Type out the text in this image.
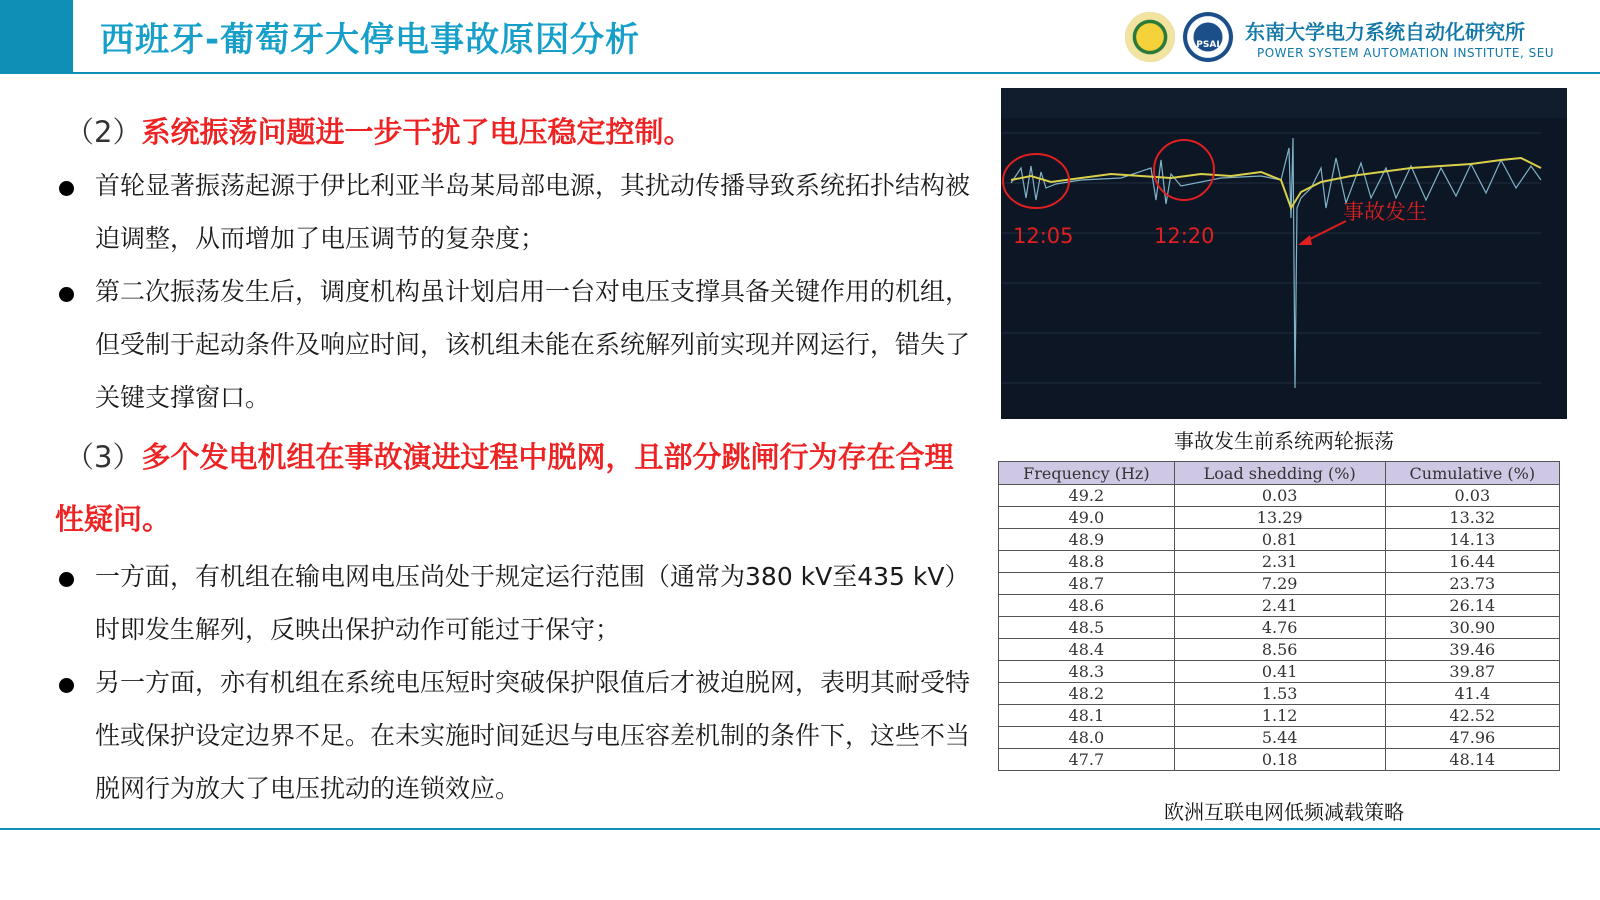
西班牙-葡萄牙大停电事故原因分析	PSAI
东南大学电力系统自动化研究所
POWER SYSTEM AUTOMATION INSTITUTE, SEU
（2）系统振荡问题进一步干扰了电压稳定控制。
首轮显著振荡起源于伊比利亚半岛某局部电源，其扰动传播导致系统拓扑结构被迫调整，从而增加了电压调节的复杂度；
第二次振荡发生后，调度机构虽计划启用一台对电压支撑具备关键作用的机组，但受制于起动条件及响应时间，该机组未能在系统解列前实现并网运行，错失了关键支撑窗口。
（3）多个发电机组在事故演进过程中脱网，且部分跳闸行为存在合理性疑问。
一方面，有机组在输电网电压尚处于规定运行范围（通常为380 kV至435 kV）时即发生解列，反映出保护动作可能过于保守；
另一方面，亦有机组在系统电压短时突破保护限值后才被迫脱网，表明其耐受特性或保护设定边界不足。在未实施时间延迟与电压容差机制的条件下，这些不当脱网行为放大了电压扰动的连锁效应。
12:05	12:20
事故发生
事故发生前系统两轮振荡
Frequency (Hz)	Load shedding (%)	Cumulative (%)
49.2	0.03	0.03
49.0	13.29	13.32
48.9	0.81	14.13
48.8	2.31	16.44
48.7	7.29	23.73
48.6	2.41	26.14
48.5	4.76	30.90
48.4	8.56	39.46
48.3	0.41	39.87
48.2	1.53	41.4
48.1	1.12	42.52
48.0	5.44	47.96
47.7	0.18	48.14
欧洲互联电网低频减载策略
